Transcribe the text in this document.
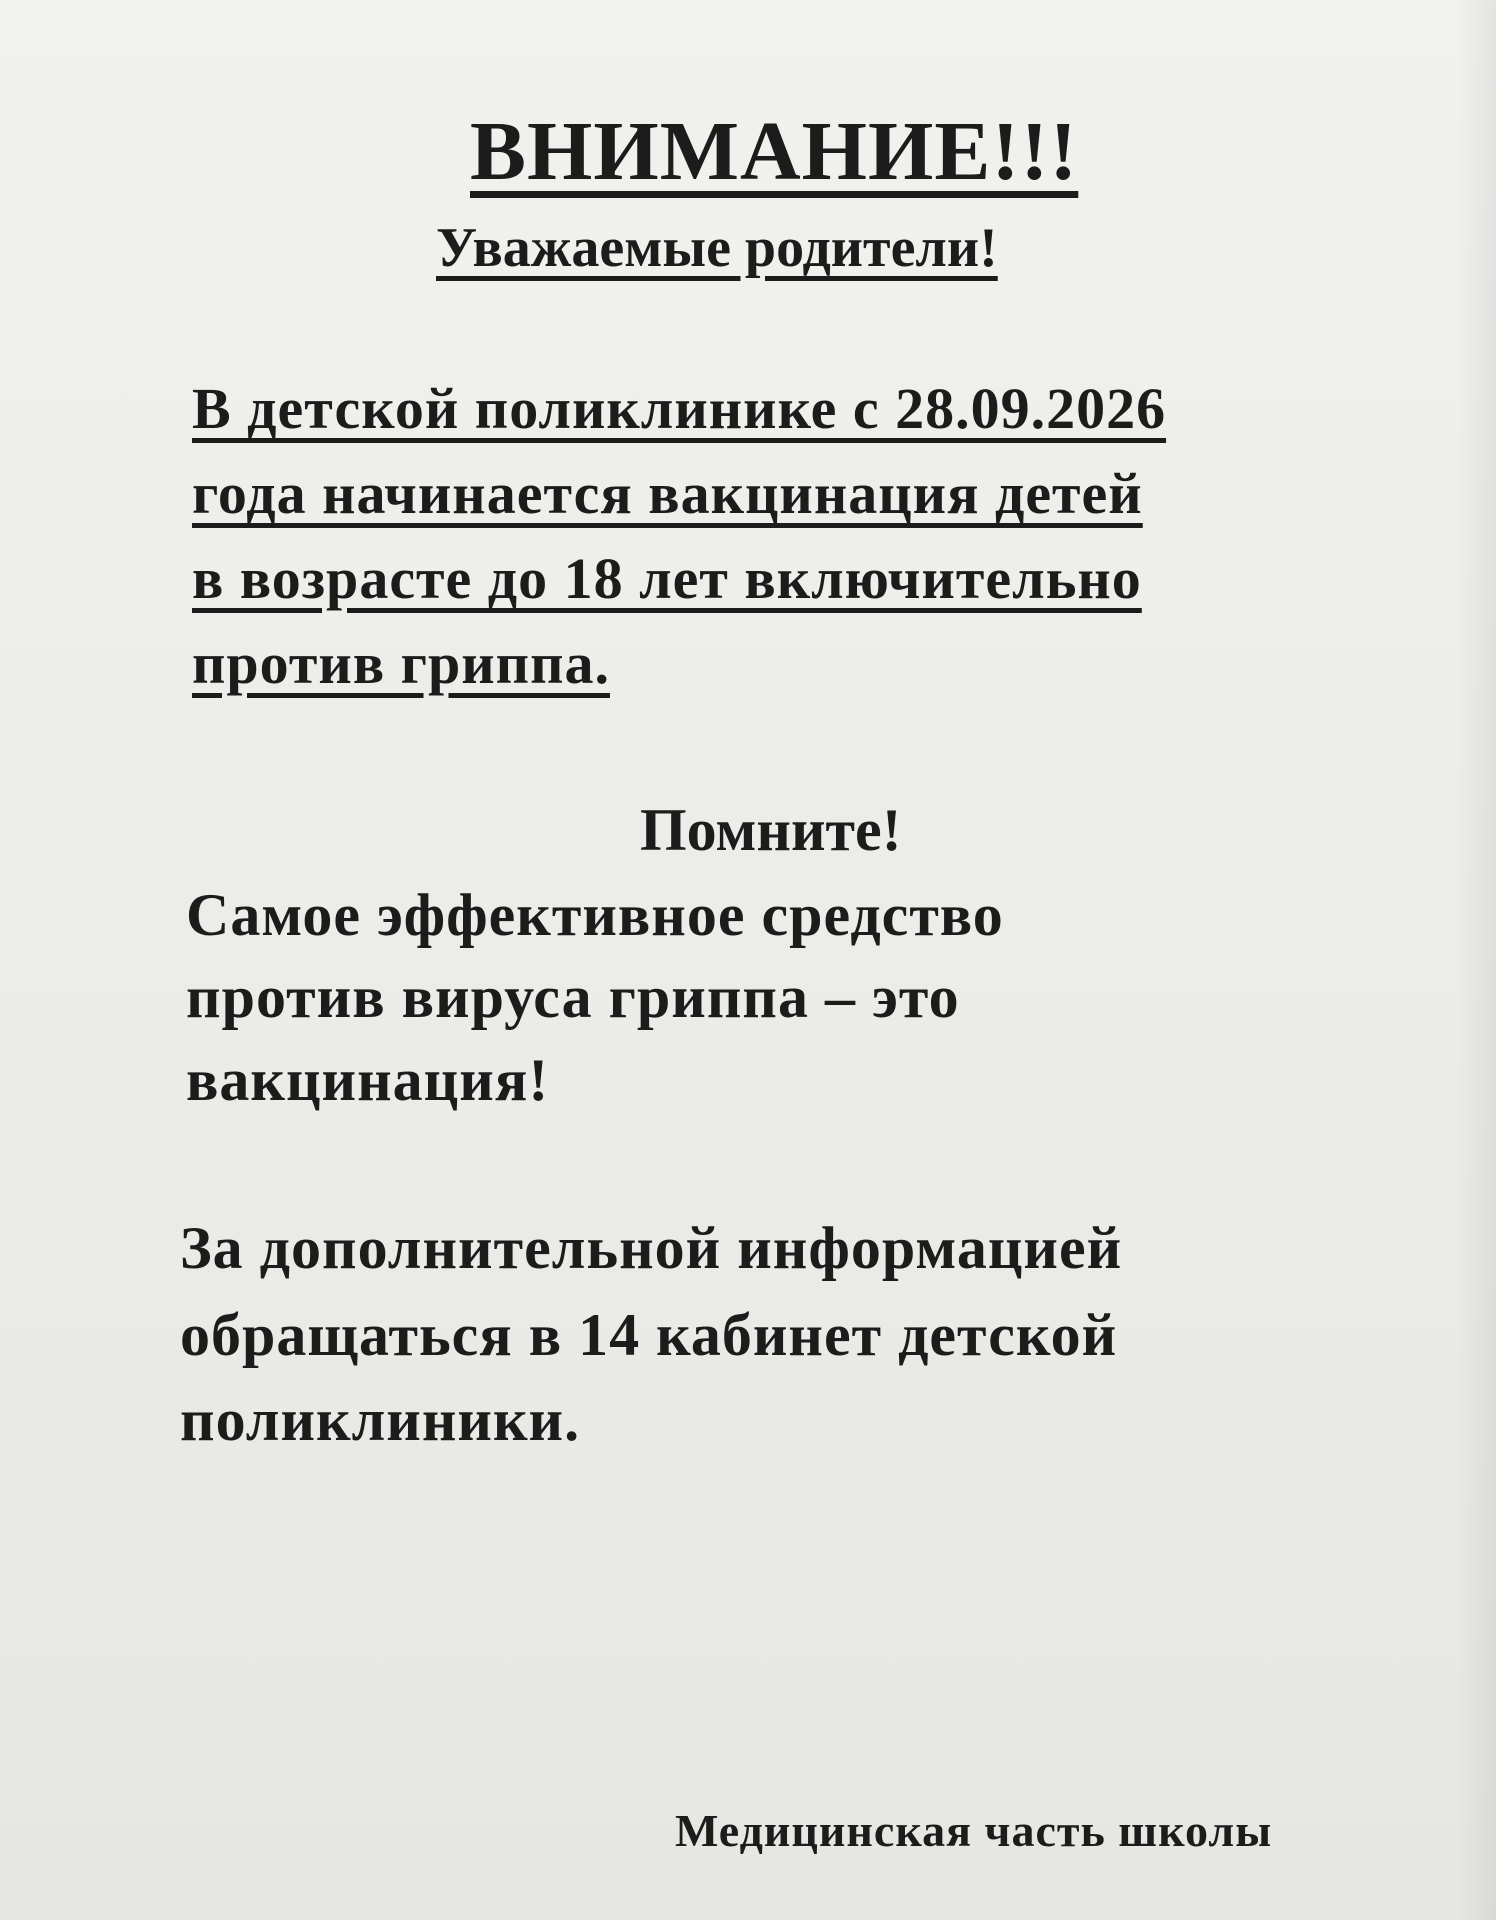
ВНИМАНИЕ!!!
Уважаемые родители!
В детской поликлинике с 28.09.2026
года начинается вакцинация детей
в возрасте до 18 лет включительно
против гриппа.
Помните!
Самое эффективное средство
против вируса гриппа – это
вакцинация!
За дополнительной информацией
обращаться в 14 кабинет детской
поликлиники.
Медицинская часть школы
